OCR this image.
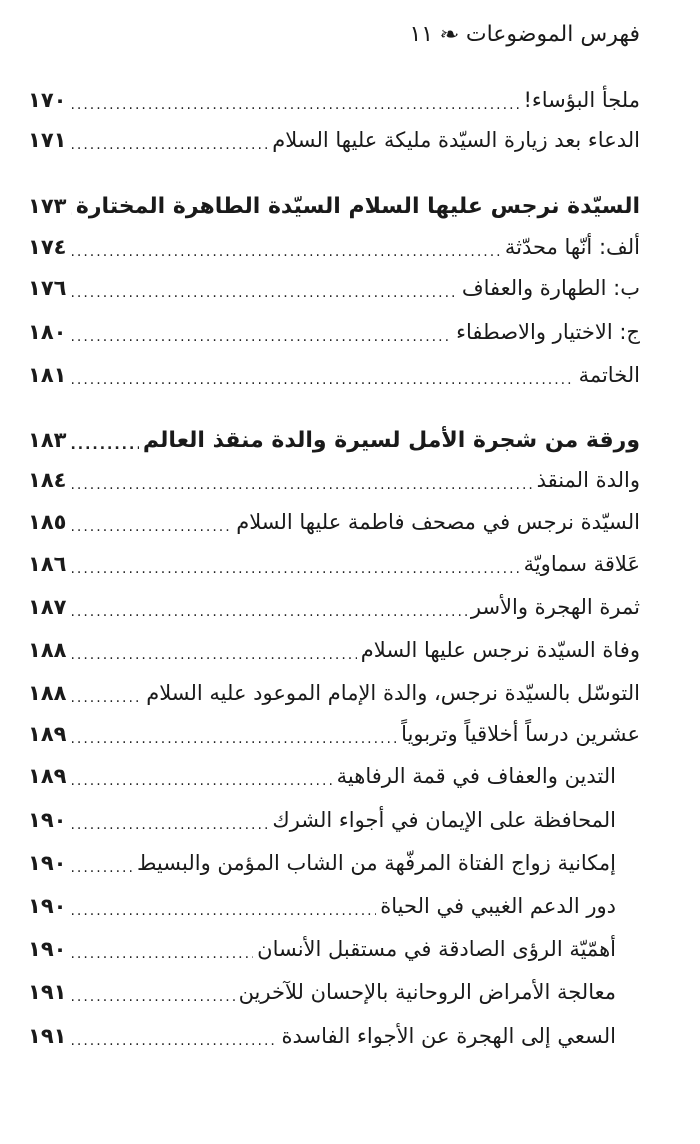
فهرس الموضوعات
❧
١١
ملجأ البؤساء!
.....
١٧٠
الدعاء بعد زيارة السيّدة مليكة عليها السلام
.....
١٧١
السيّدة نرجس عليها السلام السيّدة الطاهرة المختارة
.....
١٧٣
ألف: أنّها محدّثة
.....
١٧٤
ب: الطهارة والعفاف
.....
١٧٦
ج: الاختيار والاصطفاء
.....
١٨٠
الخاتمة
.....
١٨١
ورقة من شجرة الأمل لسيرة والدة منقذ العالم
.....
١٨٣
والدة المنقذ
.....
١٨٤
السيّدة نرجس في مصحف فاطمة عليها السلام
.....
١٨٥
عَلاقة سماويّة
.....
١٨٦
ثمرة الهجرة والأسر
.....
١٨٧
وفاة السيّدة نرجس عليها السلام
.....
١٨٨
التوسّل بالسيّدة نرجس، والدة الإمام الموعود عليه السلام
.....
١٨٨
عشرين درساً أخلاقياً وتربوياً
.....
١٨٩
التدين والعفاف في قمة الرفاهية
.....
١٨٩
المحافظة على الإيمان في أجواء الشرك
.....
١٩٠
إمكانية زواج الفتاة المرفّهة من الشاب المؤمن والبسيط
.....
١٩٠
دور الدعم الغيبي في الحياة
.....
١٩٠
أهمّيّة الرؤى الصادقة في مستقبل الأنسان
.....
١٩٠
معالجة الأمراض الروحانية بالإحسان للآخرين
.....
١٩١
السعي إلى الهجرة عن الأجواء الفاسدة
.....
١٩١
